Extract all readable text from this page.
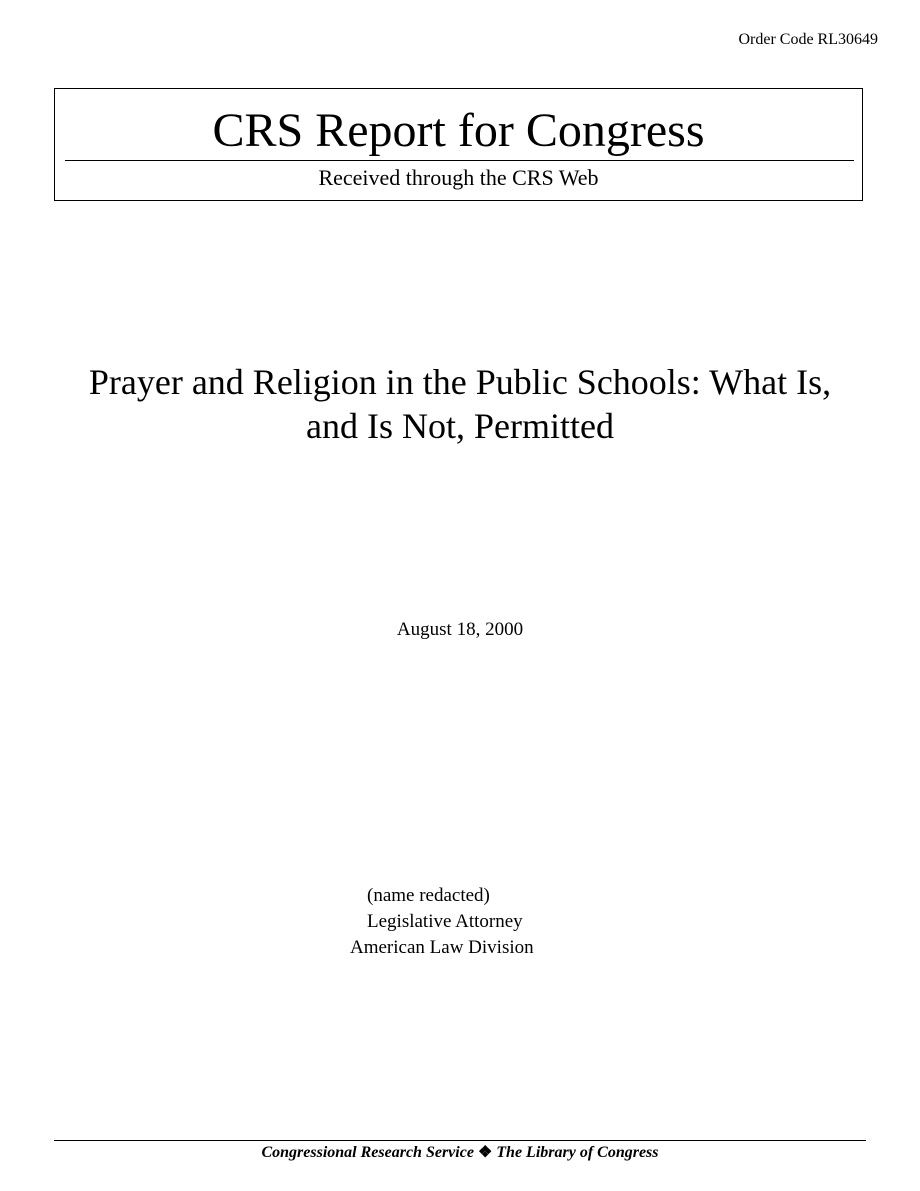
Order Code RL30649
CRS Report for Congress
Received through the CRS Web
Prayer and Religion in the Public Schools: What Is, and Is Not, Permitted
August 18, 2000
(name redacted)
Legislative Attorney
American Law Division
Congressional Research Service ❖ The Library of Congress
